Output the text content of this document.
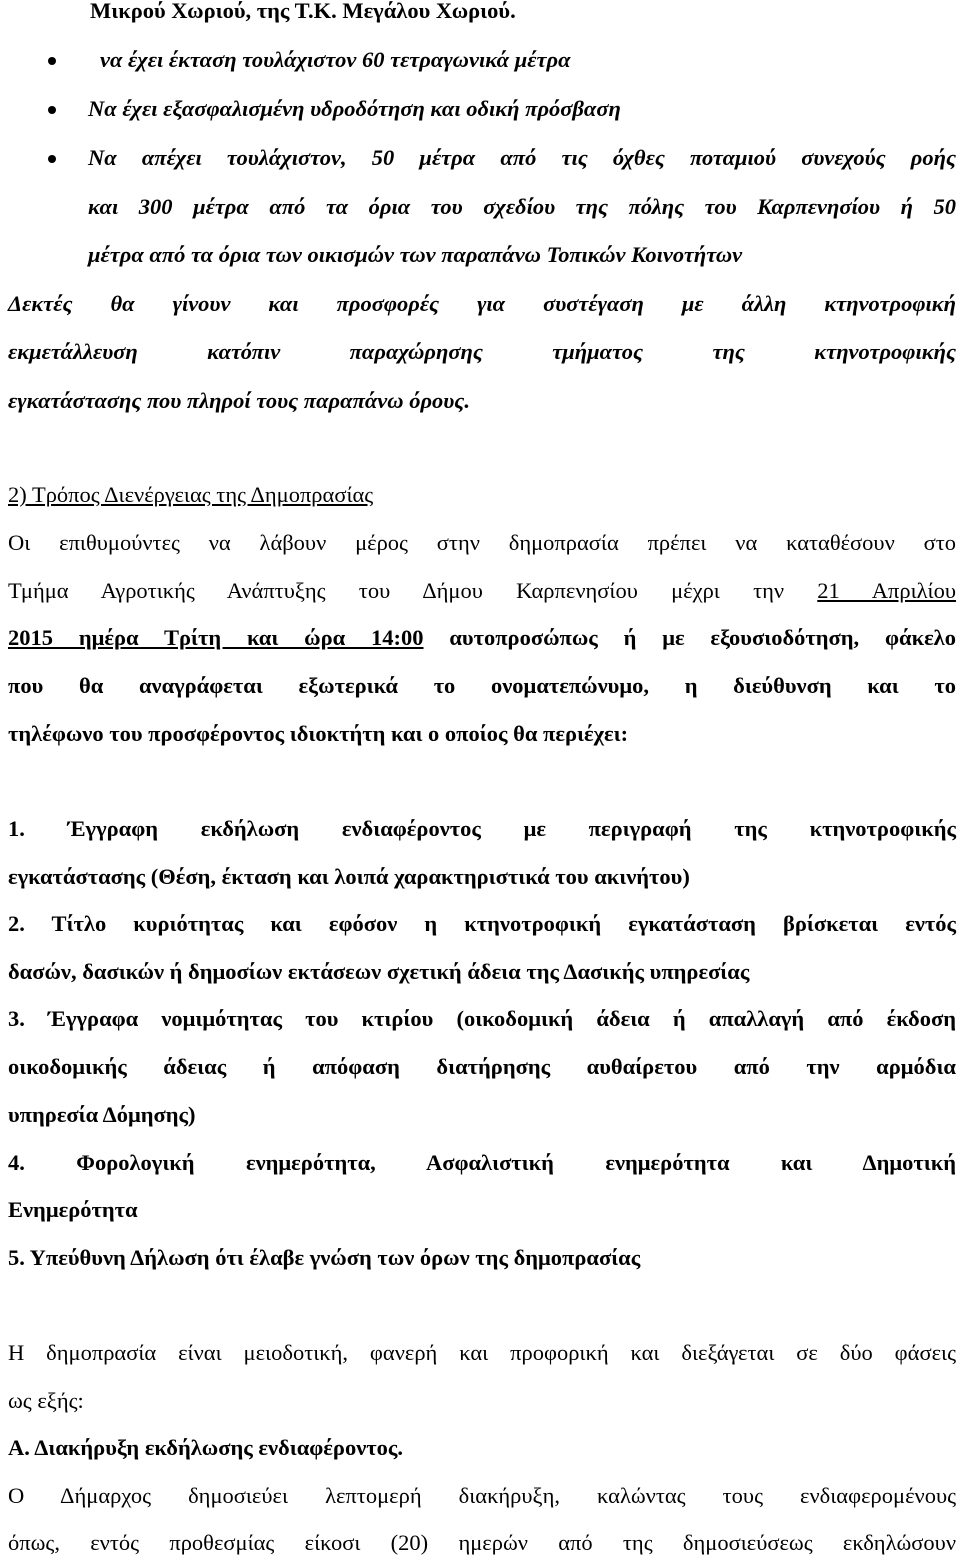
Μικρού Χωριού, της Τ.Κ. Μεγάλου Χωριού.
να έχει έκταση τουλάχιστον 60 τετραγωνικά μέτρα
Να έχει εξασφαλισμένη υδροδότηση και οδική πρόσβαση
Να απέχει τουλάχιστον, 50 μέτρα από τις όχθες ποταμιού συνεχούς ροής
και 300 μέτρα από τα όρια του σχεδίου της πόλης του Καρπενησίου ή 50
μέτρα από τα όρια των οικισμών των παραπάνω Τοπικών Κοινοτήτων
Δεκτές θα γίνουν και προσφορές για συστέγαση με άλλη κτηνοτροφική
εκμετάλλευση κατόπιν παραχώρησης τμήματος της κτηνοτροφικής
εγκατάστασης που πληροί τους παραπάνω όρους.
2) Τρόπος Διενέργειας της Δημοπρασίας
Οι επιθυμούντες να λάβουν μέρος στην δημοπρασία πρέπει να καταθέσουν στο
Τμήμα Αγροτικής Ανάπτυξης του Δήμου Καρπενησίου μέχρι την 21 Απριλίου
2015 ημέρα Τρίτη και ώρα 14:00 αυτοπροσώπως ή με εξουσιοδότηση, φάκελο
που θα αναγράφεται εξωτερικά το ονοματεπώνυμο, η διεύθυνση και το
τηλέφωνο του προσφέροντος ιδιοκτήτη και ο οποίος θα περιέχει:
1. Έγγραφη εκδήλωση ενδιαφέροντος με περιγραφή της κτηνοτροφικής
εγκατάστασης (Θέση, έκταση και λοιπά χαρακτηριστικά του ακινήτου)
2. Τίτλο κυριότητας και εφόσον η κτηνοτροφική εγκατάσταση βρίσκεται εντός
δασών, δασικών ή δημοσίων εκτάσεων σχετική άδεια της Δασικής υπηρεσίας
3. Έγγραφα νομιμότητας του κτιρίου (οικοδομική άδεια ή απαλλαγή από έκδοση
οικοδομικής άδειας ή απόφαση διατήρησης αυθαίρετου από την αρμόδια
υπηρεσία Δόμησης)
4. Φορολογική ενημερότητα, Ασφαλιστική ενημερότητα και Δημοτική
Ενημερότητα
5. Υπεύθυνη Δήλωση ότι έλαβε γνώση των όρων της δημοπρασίας
Η δημοπρασία είναι μειοδοτική, φανερή και προφορική και διεξάγεται σε δύο φάσεις
ως εξής:
Α. Διακήρυξη εκδήλωσης ενδιαφέροντος.
Ο Δήμαρχος δημοσιεύει λεπτομερή διακήρυξη, καλώντας τους ενδιαφερομένους
όπως, εντός προθεσμίας είκοσι (20) ημερών από της δημοσιεύσεως εκδηλώσουν
